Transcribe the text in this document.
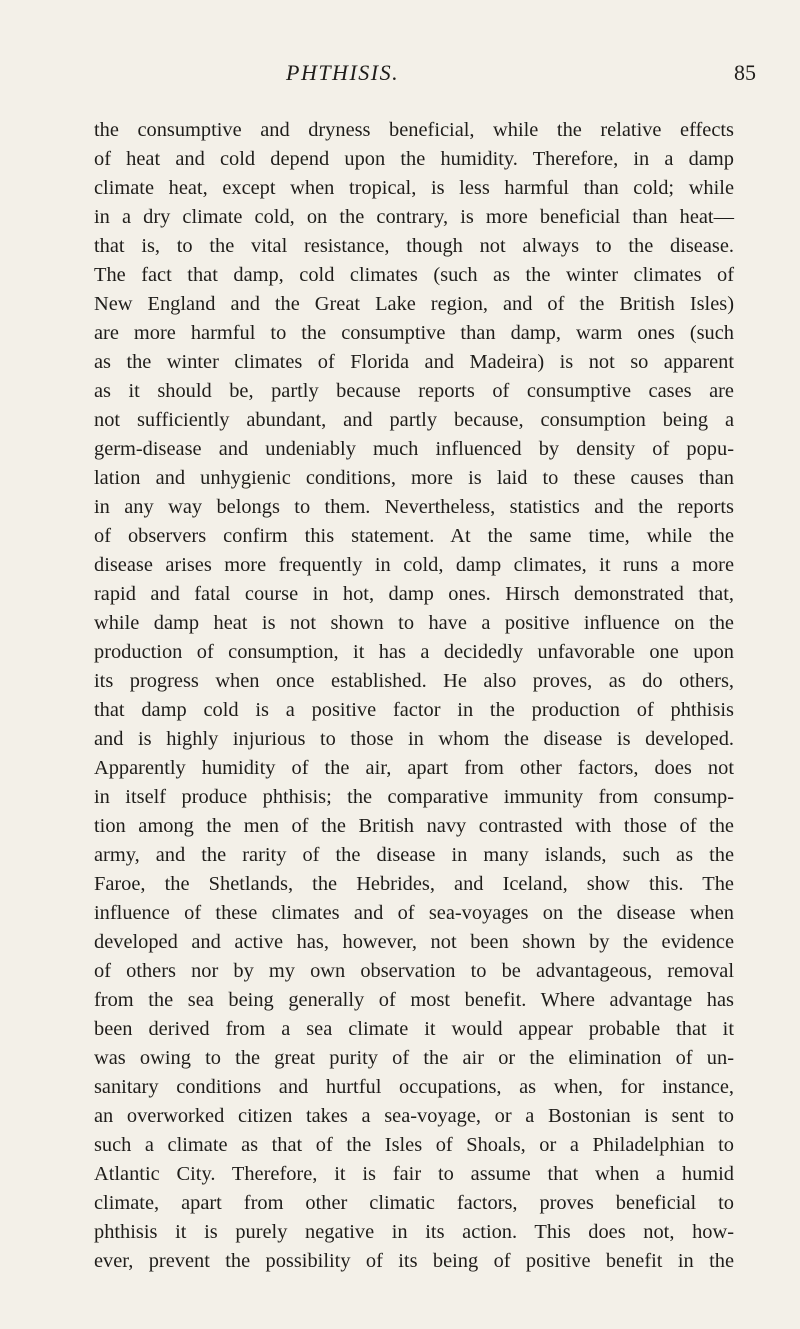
PHTHISIS.	85
the consumptive and dryness beneficial, while the relative effects
of heat and cold depend upon the humidity. Therefore, in a damp
climate heat, except when tropical, is less harmful than cold; while
in a dry climate cold, on the contrary, is more beneficial than heat—
that is, to the vital resistance, though not always to the disease.
The fact that damp, cold climates (such as the winter climates of
New England and the Great Lake region, and of the British Isles)
are more harmful to the consumptive than damp, warm ones (such
as the winter climates of Florida and Madeira) is not so apparent
as it should be, partly because reports of consumptive cases are
not sufficiently abundant, and partly because, consumption being a
germ-disease and undeniably much influenced by density of popu-
lation and unhygienic conditions, more is laid to these causes than
in any way belongs to them. Nevertheless, statistics and the reports
of observers confirm this statement. At the same time, while the
disease arises more frequently in cold, damp climates, it runs a more
rapid and fatal course in hot, damp ones. Hirsch demonstrated that,
while damp heat is not shown to have a positive influence on the
production of consumption, it has a decidedly unfavorable one upon
its progress when once established. He also proves, as do others,
that damp cold is a positive factor in the production of phthisis
and is highly injurious to those in whom the disease is developed.
Apparently humidity of the air, apart from other factors, does not
in itself produce phthisis; the comparative immunity from consump-
tion among the men of the British navy contrasted with those of the
army, and the rarity of the disease in many islands, such as the
Faroe, the Shetlands, the Hebrides, and Iceland, show this. The
influence of these climates and of sea-voyages on the disease when
developed and active has, however, not been shown by the evidence
of others nor by my own observation to be advantageous, removal
from the sea being generally of most benefit. Where advantage has
been derived from a sea climate it would appear probable that it
was owing to the great purity of the air or the elimination of un-
sanitary conditions and hurtful occupations, as when, for instance,
an overworked citizen takes a sea-voyage, or a Bostonian is sent to
such a climate as that of the Isles of Shoals, or a Philadelphian to
Atlantic City. Therefore, it is fair to assume that when a humid
climate, apart from other climatic factors, proves beneficial to
phthisis it is purely negative in its action. This does not, how-
ever, prevent the possibility of its being of positive benefit in the
